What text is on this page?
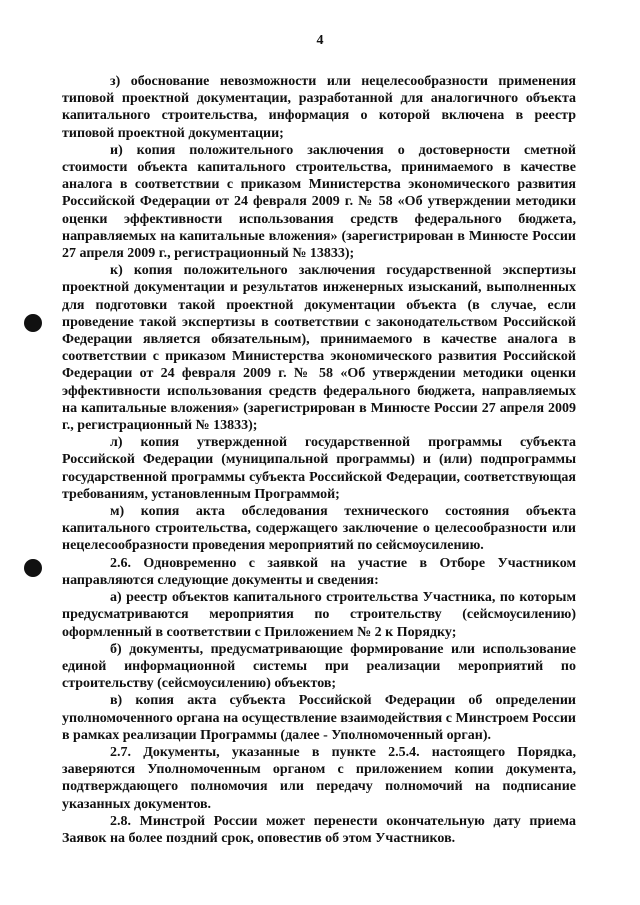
4

з) обоснование невозможности или нецелесообразности применения типовой проектной документации, разработанной для аналогичного объекта капитального строительства, информация о которой включена в реестр типовой проектной документации;

и) копия положительного заключения о достоверности сметной стоимости объекта капитального строительства, принимаемого в качестве аналога в соответствии с приказом Министерства экономического развития Российской Федерации от 24 февраля 2009 г. № 58 «Об утверждении методики оценки эффективности использования средств федерального бюджета, направляемых на капитальные вложения» (зарегистрирован в Минюсте России 27 апреля 2009 г., регистрационный № 13833);

к) копия положительного заключения государственной экспертизы проектной документации и результатов инженерных изысканий, выполненных для подготовки такой проектной документации объекта (в случае, если проведение такой экспертизы в соответствии с законодательством Российской Федерации является обязательным), принимаемого в качестве аналога в соответствии с приказом Министерства экономического развития Российской Федерации от 24 февраля 2009 г. № 58 «Об утверждении методики оценки эффективности использования средств федерального бюджета, направляемых на капитальные вложения» (зарегистрирован в Минюсте России 27 апреля 2009 г., регистрационный № 13833);

л) копия утвержденной государственной программы субъекта Российской Федерации (муниципальной программы) и (или) подпрограммы государственной программы субъекта Российской Федерации, соответствующая требованиям, установленным Программой;

м) копия акта обследования технического состояния объекта капитального строительства, содержащего заключение о целесообразности или нецелесообразности проведения мероприятий по сейсмоусилению.

2.6. Одновременно с заявкой на участие в Отборе Участником направляются следующие документы и сведения:

а) реестр объектов капитального строительства Участника, по которым предусматриваются мероприятия по строительству (сейсмоусилению) оформленный в соответствии с Приложением № 2 к Порядку;

б) документы, предусматривающие формирование или использование единой информационной системы при реализации мероприятий по строительству (сейсмоусилению) объектов;

в) копия акта субъекта Российской Федерации об определении уполномоченного органа на осуществление взаимодействия с Минстроем России в рамках реализации Программы (далее - Уполномоченный орган).

2.7. Документы, указанные в пункте 2.5.4. настоящего Порядка, заверяются Уполномоченным органом с приложением копии документа, подтверждающего полномочия или передачу полномочий на подписание указанных документов.

2.8. Минстрой России может перенести окончательную дату приема Заявок на более поздний срок, оповестив об этом Участников.
